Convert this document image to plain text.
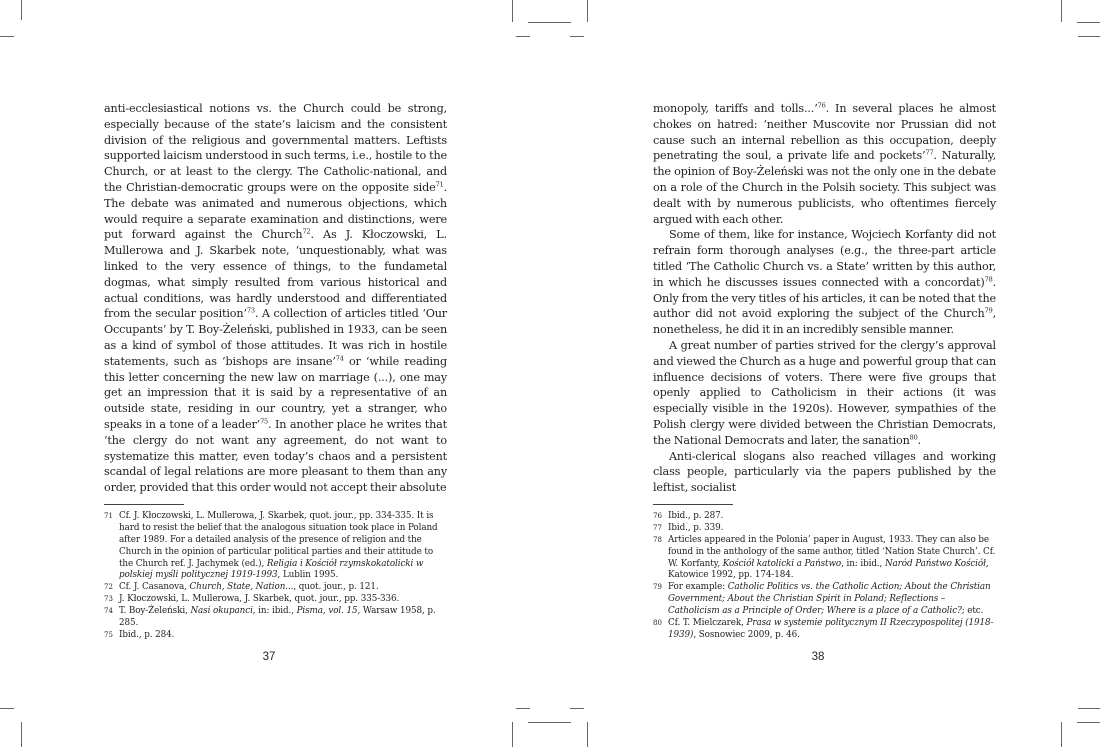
anti-ecclesiastical notions vs. the Church could be strong, especially because of the state’s laicism and the consistent division of the religious and governmental matters. Leftists supported laicism understood in such terms, i.e., hostile to the Church, or at least to the clergy. The Catholic-national, and the Christian-democratic groups were on the opposite side$^{71}$. The debate was animated and numerous objections, which would require a separate examination and distinctions, were put forward against the Church$^{72}$. As J. Kłoczowski, L. Mullerowa and J. Skarbek note, ‘unquestionably, what was linked to the very essence of things, to the fundametal dogmas, what simply resulted from various historical and actual conditions, was hardly understood and differentiated from the secular position’$^{73}$. A collection of articles titled ‘Our Occupants’ by T. Boy-Żeleński, published in 1933, can be seen as a kind of symbol of those attitudes. It was rich in hostile statements, such as ‘bishops are insane’$^{74}$ or ‘while reading this letter concerning the new law on marriage (...), one may get an impression that it is said by a representative of an outside state, residing in our country, yet a stranger, who speaks in a tone of a leader’$^{75}$. In another place he writes that ‘the clergy do not want any agreement, do not want to systematize this matter, even today’s chaos and a persistent scandal of legal relations are more pleasant to them than any order, provided that this order would not accept their absolute

71 Cf. J. Kłoczowski, L. Mullerowa, J. Skarbek, quot. jour., pp. 334-335. It is hard to resist the belief that the analogous situation took place in Poland after 1989. For a detailed analysis of the presence of religion and the Church in the opinion of particular political parties and their attitude to the Church ref. J. Jachymek (ed.), Religia i Kościół rzymskokatolicki w polskiej myśli politycznej 1919-1993, Lublin 1995.
72 Cf. J. Casanova, Church, State, Nation..., quot. jour., p. 121.
73 J. Kłoczowski, L. Mullerowa, J. Skarbek, quot. jour., pp. 335-336.
74 T. Boy-Żeleński, Nasi okupanci, in: ibid., Pisma, vol. 15, Warsaw 1958, p. 285.
75 Ibid., p. 284.

monopoly, tariffs and tolls...’$^{76}$. In several places he almost chokes on hatred: ‘neither Muscovite nor Prussian did not cause such an internal rebellion as this occupation, deeply penetrating the soul, a private life and pockets’$^{77}$. Naturally, the opinion of Boy-Żeleński was not the only one in the debate on a role of the Church in the Polsih society. This subject was dealt with by numerous publicists, who oftentimes fiercely argued with each other.

Some of them, like for instance, Wojciech Korfanty did not refrain form thorough analyses (e.g., the three-part article titled ‘The Catholic Church vs. a State’ written by this author, in which he discusses issues connected with a concordat)$^{78}$. Only from the very titles of his articles, it can be noted that the author did not avoid exploring the subject of the Church$^{79}$, nonetheless, he did it in an incredibly sensible manner.

A great number of parties strived for the clergy’s approval and viewed the Church as a huge and powerful group that can influence decisions of voters. There were five groups that openly applied to Catholicism in their actions (it was especially visible in the 1920s). However, sympathies of the Polish clergy were divided between the Christian Democrats, the National Democrats and later, the sanation$^{80}$.

Anti-clerical slogans also reached villages and working class people, particularly via the papers published by the leftist, socialist

76 Ibid., p. 287.
77 Ibid., p. 339.
78 Articles appeared in the Polonia’ paper in August, 1933. They can also be found in the anthology of the same author, titled ‘Nation State Church’. Cf. W. Korfanty, Kościół katolicki a Państwo, in: ibid., Naród Państwo Kościół, Katowice 1992, pp. 174-184.
79 For example: Catholic Politics vs. the Catholic Action; About the Christian Government; About the Christian Spirit in Poland; Reflections – Catholicism as a Principle of Order; Where is a place of a Catholic?; etc.
80 Cf. T. Mielczarek, Prasa w systemie politycznym II Rzeczypospolitej (1918-1939), Sosnowiec 2009, p. 46.
37	38
